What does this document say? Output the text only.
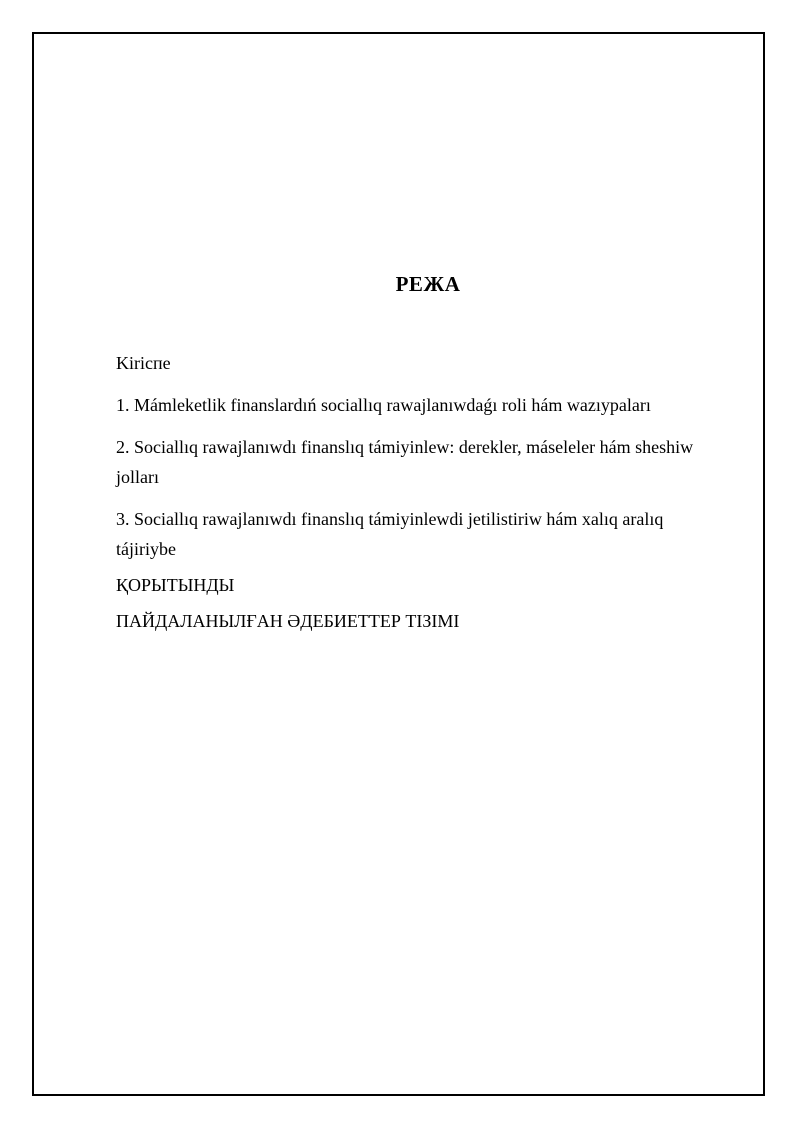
РЕЖА
Kirіспе
1. Mámleketlik finanslardıń sociallıq rawajlanıwdaǵı roli hám wazıypaları
2. Sociallıq rawajlanıwdı finanslıq támiyinlew: derekler, máseleler hám sheshiw jolları
3. Sociallıq rawajlanıwdı finanslıq támiyinlewdi jetilistiriw hám xalıq aralıq tájiriybe
ҚОРЫТЫНДЫ
ПАЙДАЛАНЫЛҒАН ӘДЕБИЕТТЕР ТІЗІМІ
